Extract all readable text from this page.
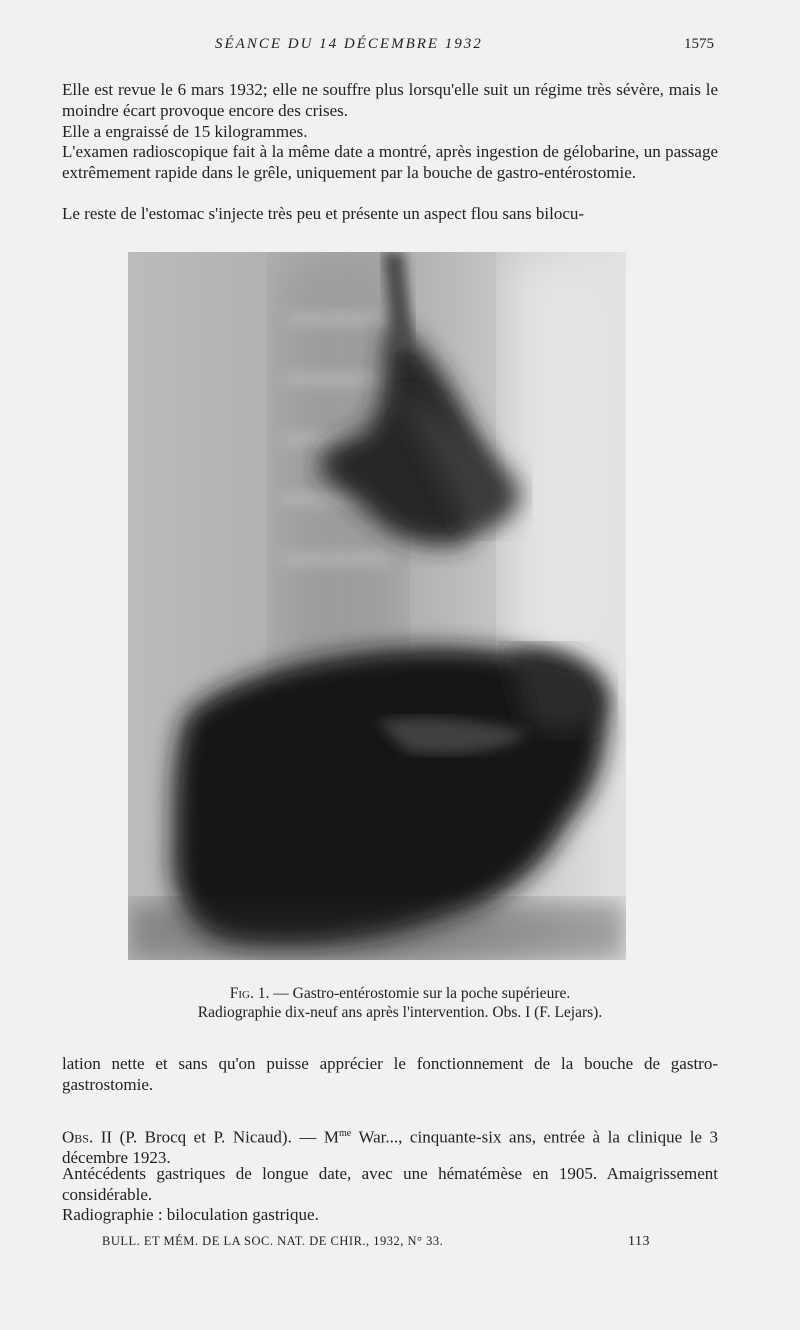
SÉANCE DU 14 DÉCEMBRE 1932	1575

Elle est revue le 6 mars 1932; elle ne souffre plus lorsqu'elle suit un régime très sévère, mais le moindre écart provoque encore des crises.

Elle a engraissé de 15 kilogrammes.

L'examen radioscopique fait à la même date a montré, après ingestion de gélobarine, un passage extrêmement rapide dans le grêle, uniquement par la bouche de gastro-entérostomie.

Le reste de l'estomac s'injecte très peu et présente un aspect flou sans bilocu-

Fig. 1. — Gastro-entérostomie sur la poche supérieure.
Radiographie dix-neuf ans après l'intervention. Obs. I (F. Lejars).

lation nette et sans qu'on puisse apprécier le fonctionnement de la bouche de gastro-gastrostomie.

Obs. II (P. Brocq et P. Nicaud). — $M^{me}$ War..., cinquante-six ans, entrée à la clinique le 3 décembre 1923.

Antécédents gastriques de longue date, avec une hématémèse en 1905. Amaigrissement considérable.

Radiographie : biloculation gastrique.

BULL. ET MÉM. DE LA SOC. NAT. DE CHIR., 1932, N° 33.	113
